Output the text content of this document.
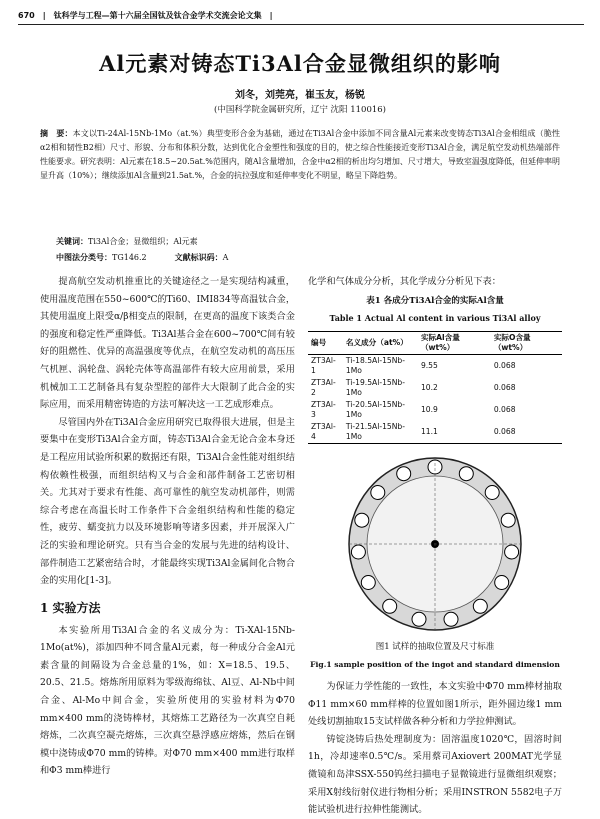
670 | 钛科学与工程—第十六届全国钛及钛合金学术交流会论文集 |
Al元素对铸态Ti3Al合金显微组织的影响
刘冬，刘莞亮，崔玉友，杨锐
(中国科学院金属研究所，辽宁 沈阳 110016)
摘　要：本文以Ti-24Al-15Nb-1Mo（at.%）典型变形合金为基础，通过在Ti3Al合金中添加不同含量Al元素来改变铸态Ti3Al合金相组成（脆性α2相和韧性B2相）尺寸、形貌、分布和体积分数，达到优化合金塑性和强度的目的，使之综合性能接近变形Ti3Al合金，满足航空发动机热端部件性能要求。研究表明：Al元素在18.5~20.5at.%范围内，随Al含量增加，合金中α2相的析出均匀增加、尺寸增大，导致室温强度降低，但延伸率明显升高（10%）；继续添加Al含量到21.5at.%，合金的抗拉强度和延伸率变化不明显，略呈下降趋势。
关键词：Ti3Al合金；显微组织；Al元素
中图法分类号：TG146.2	文献标识码：A

提高航空发动机推重比的关键途径之一是实现结构减重，使用温度范围在550~600℃的Ti60、IMI834等高温钛合金，其使用温度上限受α/β相变点的限制，在更高的温度下该类合金的强度和稳定性严重降低。Ti3Al基合金在600~700℃间有较好的阻燃性、优异的高温强度等优点，在航空发动机的高压压气机匣、涡轮盘、涡轮壳体等高温部件有较大应用前景，采用机械加工工艺制备具有复杂型腔的部件大大限制了此合金的实际应用，而采用精密铸造的方法可解决这一工艺成形难点。

尽管国内外在Ti3Al合金应用研究已取得很大进展，但是主要集中在变形Ti3Al合金方面，铸态Ti3Al合金无论合金本身还是工程应用试验所积累的数据还有限，Ti3Al合金性能对组织结构依赖性极强，而组织结构又与合金和部件制备工艺密切相关。尤其对于要求有性能、高可靠性的航空发动机部件，则需综合考虑在高温长时工作条件下合金组织结构和性能的稳定性，疲劳、蠕变抗力以及环境影响等诸多因素，并开展深入广泛的实验和理论研究。只有当合金的发展与先进的结构设计、部件制造工艺紧密结合时，才能最终实现Ti3Al金属间化合物合金的实用化[1-3]。

1 实验方法

本实验所用Ti3Al合金的名义成分为：Ti-XAl-15Nb-1Mo(at%)，添加四种不同含量Al元素，每一种成分合金Al元素含量的间隔设为合金总量的1%，如：X=18.5、19.5、20.5、21.5。熔炼所用原料为零级海绵钛、Al豆、Al-Nb中间合金、Al-Mo中间合金，实验所使用的实验材料为Φ70 mm×400 mm的浇铸棒材，其熔炼工艺路径为一次真空自耗熔炼，二次真空凝壳熔炼，三次真空悬浮感应熔炼，然后在钢模中浇铸成Φ70 mm的铸棒。对Φ70 mm×400 mm进行取样和Φ3 mm棒进行

化学和气体成分分析，其化学成分分析见下表：

表1 各成分Ti3Al合金的实际Al含量
Table 1 Actual Al content in various Ti3Al alloy
编号	名义成分（at%）	实际Al含量（wt%）	实际O含量（wt%）
ZT3Al-1	Ti-18.5Al-15Nb-1Mo	9.55	0.068
ZT3Al-2	Ti-19.5Al-15Nb-1Mo	10.2	0.068
ZT3Al-3	Ti-20.5Al-15Nb-1Mo	10.9	0.068
ZT3Al-4	Ti-21.5Al-15Nb-1Mo	11.1	0.068
图1 试样的抽取位置及尺寸标准
Fig.1 sample position of the ingot and standard dimension

为保证力学性能的一致性，本文实验中Φ70 mm棒材抽取Φ11 mm×60 mm样棒的位置如图1所示，距外圆边缘1 mm处线切割抽取15支试样做各种分析和力学拉伸测试。

铸锭浇铸后热处理制度为：固溶温度1020℃，固溶时间1h，冷却速率0.5℃/s。采用蔡司Axiovert 200MAT光学显微镜和岛津SSX-550钨丝扫描电子显微镜进行显微组织观察；采用X射线衍射仪进行物相分析；采用INSTRON 5582电子万能试验机进行拉伸性能测试。
